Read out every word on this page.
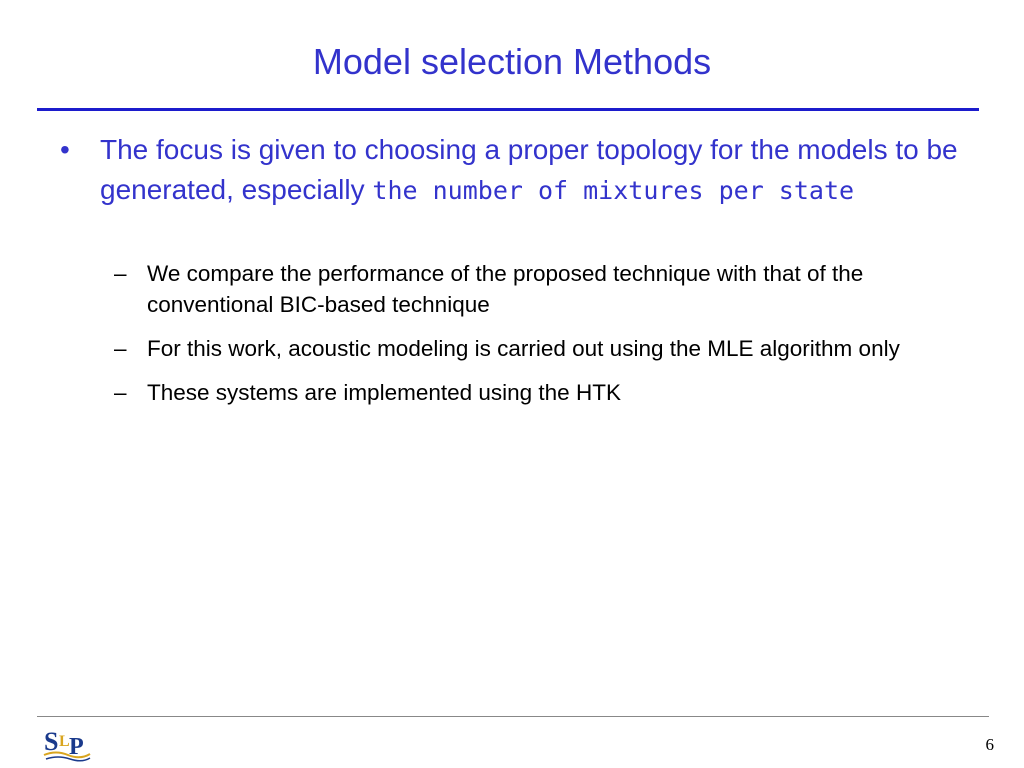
Model selection Methods
• The focus is given to choosing a proper topology for the models to be generated, especially the number of mixtures per state
– We compare the performance of the proposed technique with that of the conventional BIC-based technique
– For this work, acoustic modeling is carried out using the MLE algorithm only
– These systems are implemented using the HTK
S L P	6
